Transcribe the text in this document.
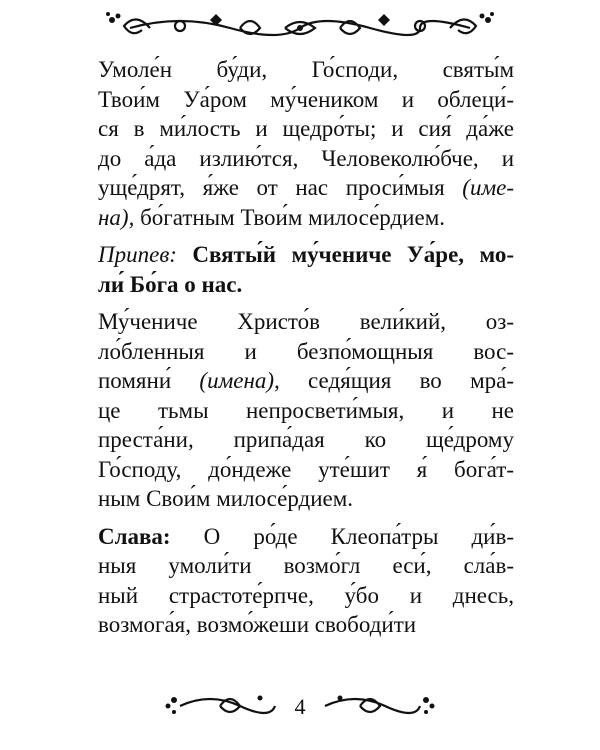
Умоле́н бу́ди, Го́споди, святы́м
Твои́м Уа́ром му́чеником и облеци́-
ся в ми́лость и щедро́ты; и сия́ да́же
до а́да излию́тся, Человеколю́бче, и
уще́дрят, я́же от нас проси́мыя (име-
на), бо́гатным Твои́м милосе́рдием.
Припев: Святы́й му́чениче Уа́ре, мо-
ли́ Бо́га о нас.
Му́чениче Христо́в вели́кий, оз-
ло́бленныя и безпо́мощныя вос-
помяни́ (имена), седя́щия во мра́-
це тьмы непросвети́мыя, и не
преста́ни, припа́дая ко ще́дрому
Го́споду, до́ндеже уте́шит я́ бога́т-
ным Свои́м милосе́рдием.
Слава: О ро́де Клеопа́тры ди́в-
ныя умоли́ти возмо́гл еси́, сла́в-
ный страстоте́рпче, у́бо и днесь,
возмога́я, возмо́жеши свободи́ти
4
